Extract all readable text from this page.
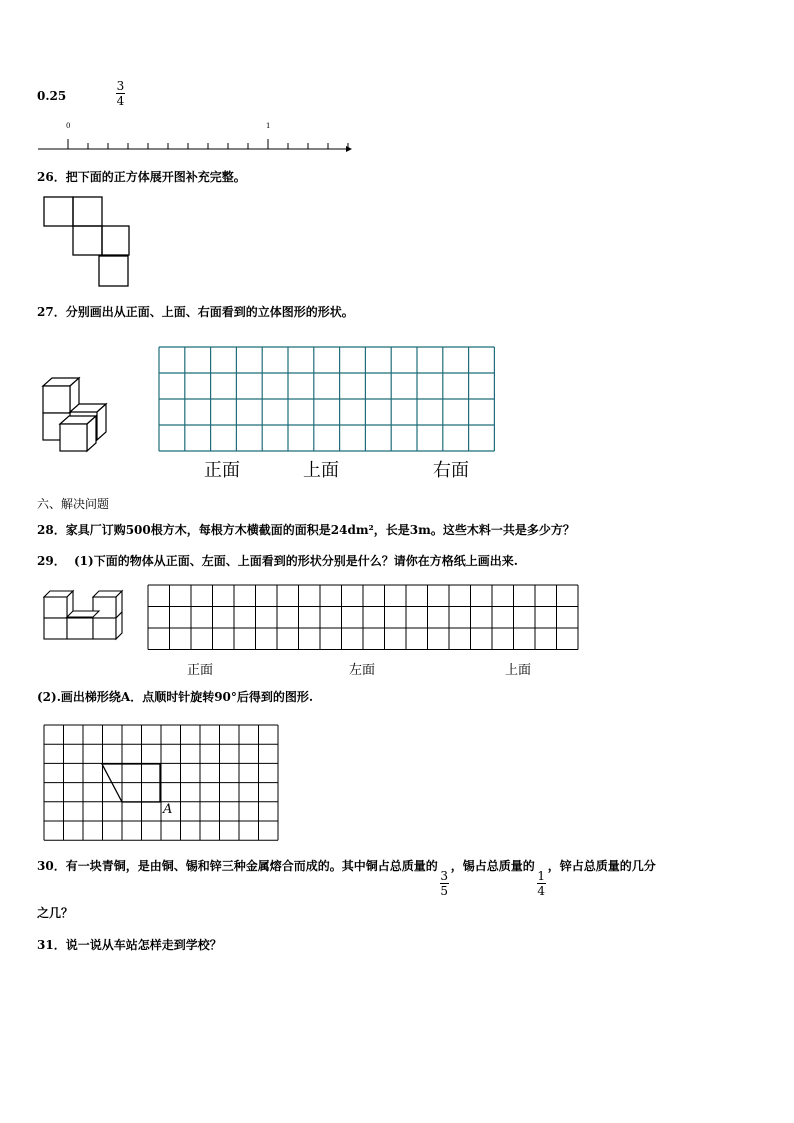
0.25	$\frac{3}{4}$
0	1
26．把下面的正方体展开图补充完整。
27．分别画出从正面、上面、右面看到的立体图形的形状。
正面	上面	右面
六、解决问题
28．家具厂订购500根方木，每根方木横截面的面积是24dm²，长是3m。这些木料一共是多少方？
29． (1)下面的物体从正面、左面、上面看到的形状分别是什么？请你在方格纸上画出来.
正面	左面	上面
(2).画出梯形绕A．点顺时针旋转90°后得到的图形.
A
30．有一块青铜，是由铜、锡和锌三种金属熔合而成的。其中铜占总质量的
$\frac{3}{5}$
，锡占总质量的
$\frac{1}{4}$
，锌占总质量的几分
之几？
31．说一说从车站怎样走到学校？
